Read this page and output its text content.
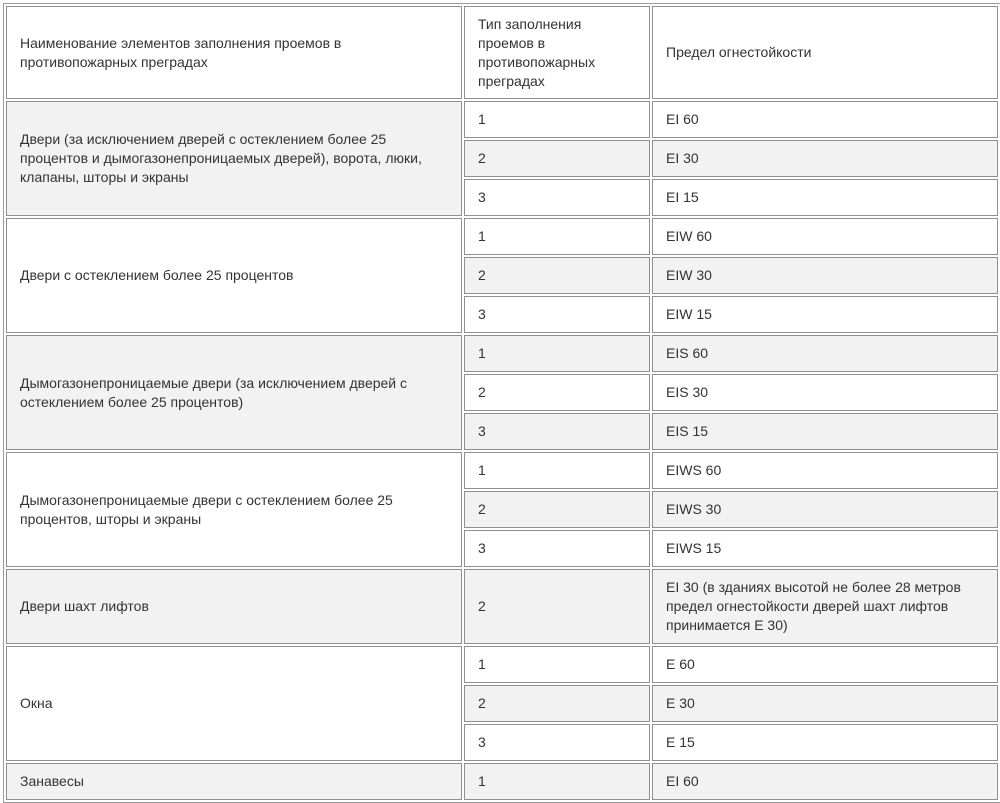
Наименование элементов заполнения проемов в противопожарных преградах	Тип заполнения проемов в противопожарных преградах	Предел огнестойкости
Двери (за исключением дверей с остеклением более 25 процентов и дымогазонепроницаемых дверей), ворота, люки, клапаны, шторы и экраны	1	EI 60
	2	EI 30
	3	EI 15
Двери с остеклением более 25 процентов	1	EIW 60
	2	EIW 30
	3	EIW 15
Дымогазонепроницаемые двери (за исключением дверей с остеклением более 25 процентов)	1	EIS 60
	2	EIS 30
	3	EIS 15
Дымогазонепроницаемые двери с остеклением более 25 процентов, шторы и экраны	1	EIWS 60
	2	EIWS 30
	3	EIWS 15
Двери шахт лифтов	2	EI 30 (в зданиях высотой не более 28 метров предел огнестойкости дверей шахт лифтов принимается Е 30)
Окна	1	Е 60
	2	Е 30
	3	Е 15
Занавесы	1	EI 60
